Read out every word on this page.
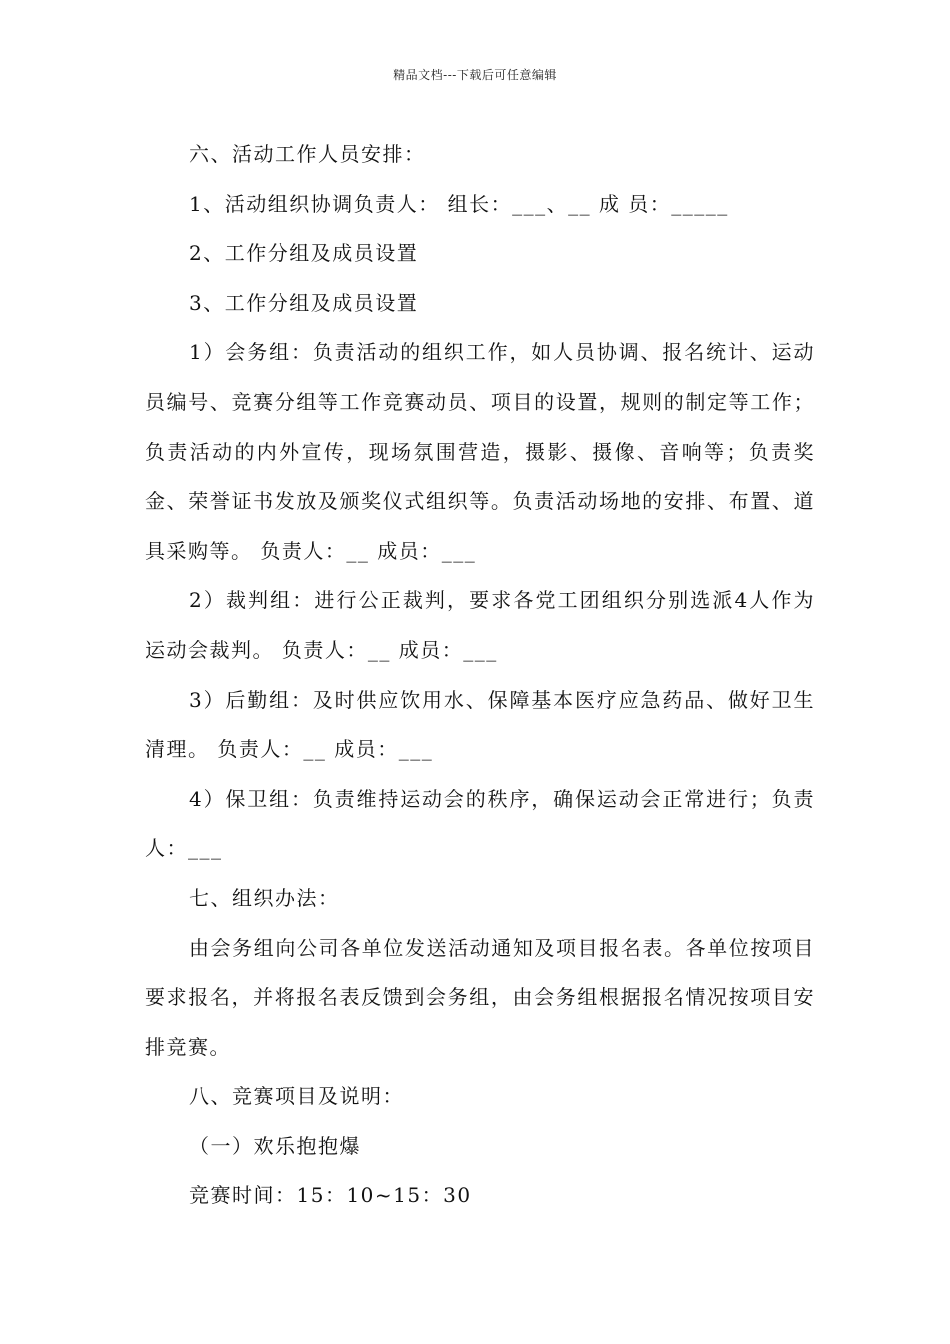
精品文档---下载后可任意编辑

六、活动工作人员安排：

1、活动组织协调负责人： 组长：___、__ 成 员：_____

2、工作分组及成员设置

3、工作分组及成员设置

1）会务组：负责活动的组织工作，如人员协调、报名统计、运动员编号、竞赛分组等工作竞赛动员、项目的设置，规则的制定等工作；负责活动的内外宣传，现场氛围营造，摄影、摄像、音响等；负责奖金、荣誉证书发放及颁奖仪式组织等。负责活动场地的安排、布置、道具采购等。 负责人：__ 成员：___

2）裁判组：进行公正裁判，要求各党工团组织分别选派4人作为运动会裁判。 负责人：__ 成员：___

3）后勤组：及时供应饮用水、保障基本医疗应急药品、做好卫生清理。 负责人：__ 成员：___

4）保卫组：负责维持运动会的秩序，确保运动会正常进行；负责人：___

七、组织办法：

由会务组向公司各单位发送活动通知及项目报名表。各单位按项目要求报名，并将报名表反馈到会务组，由会务组根据报名情况按项目安排竞赛。

八、竞赛项目及说明：

（一）欢乐抱抱爆

竞赛时间：15：10~15：30
